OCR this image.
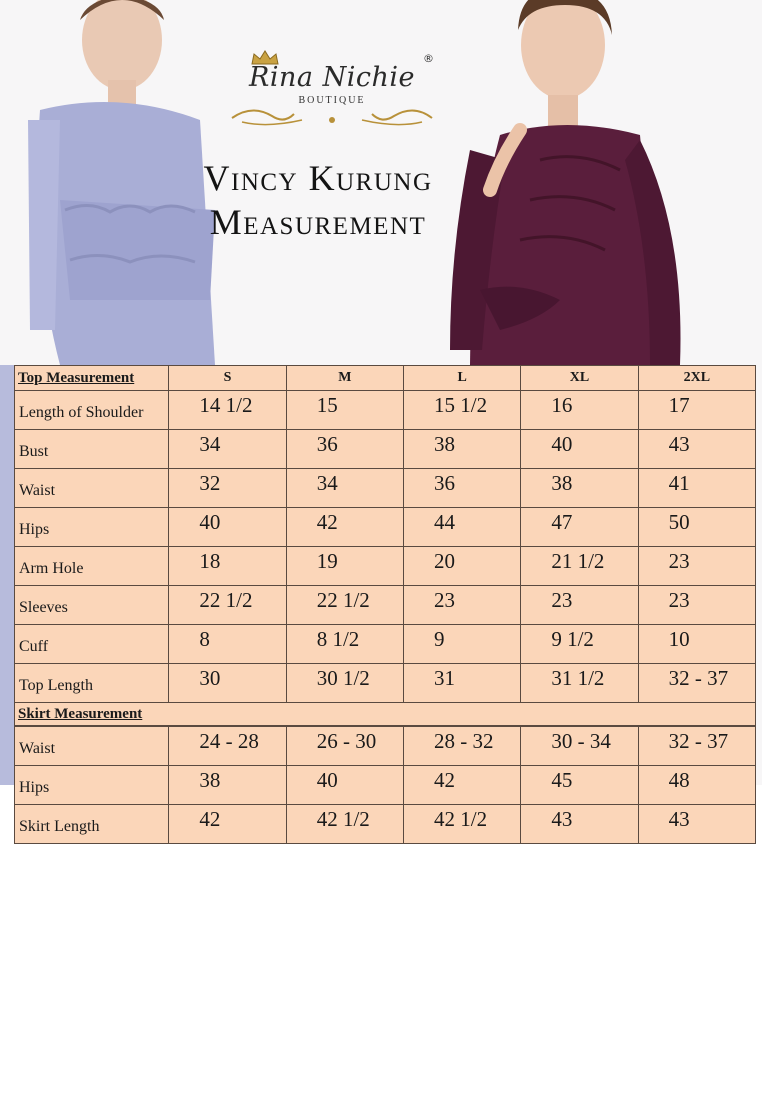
Rina Nichie
®
BOUTIQUE
Vincy Kurung
Measurement
Top Measurement	S	M	L	XL	2XL
Length of Shoulder	14 1/2	15	15 1/2	16	17
Bust	34	36	38	40	43
Waist	32	34	36	38	41
Hips	40	42	44	47	50
Arm Hole	18	19	20	21 1/2	23
Sleeves	22 1/2	22 1/2	23	23	23
Cuff	8	8 1/2	9	9 1/2	10
Top Length	30	30 1/2	31	31 1/2	32 - 37
Skirt Measurement					
Waist	24 - 28	26 - 30	28 - 32	30 - 34	32 - 37
Hips	38	40	42	45	48
Skirt Length	42	42 1/2	42 1/2	43	43
